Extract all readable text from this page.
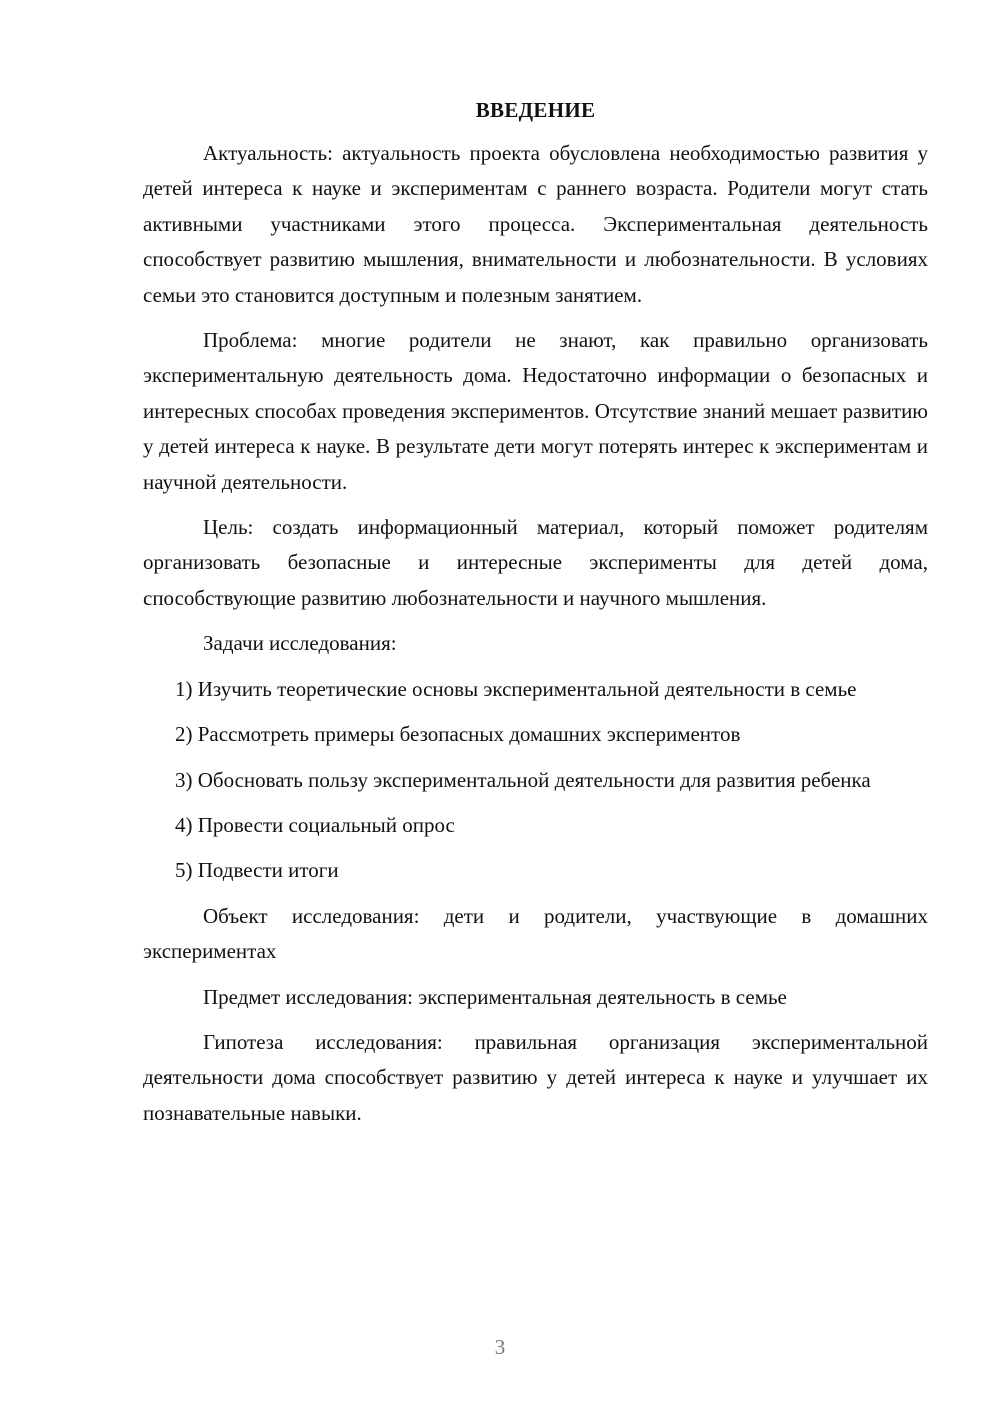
ВВЕДЕНИЕ

Актуальность: актуальность проекта обусловлена необходимостью развития у детей интереса к науке и экспериментам с раннего возраста. Родители могут стать активными участниками этого процесса. Экспериментальная деятельность способствует развитию мышления, внимательности и любознательности. В условиях семьи это становится доступным и полезным занятием.

Проблема: многие родители не знают, как правильно организовать экспериментальную деятельность дома. Недостаточно информации о безопасных и интересных способах проведения экспериментов. Отсутствие знаний мешает развитию у детей интереса к науке. В результате дети могут потерять интерес к экспериментам и научной деятельности.

Цель: создать информационный материал, который поможет родителям организовать безопасные и интересные эксперименты для детей дома, способствующие развитию любознательности и научного мышления.

Задачи исследования:

1) Изучить теоретические основы экспериментальной деятельности в семье

2) Рассмотреть примеры безопасных домашних экспериментов

3) Обосновать пользу экспериментальной деятельности для развития ребенка

4) Провести социальный опрос

5) Подвести итоги

Объект исследования: дети и родители, участвующие в домашних экспериментах

Предмет исследования: экспериментальная деятельность в семье

Гипотеза исследования: правильная организация экспериментальной деятельности дома способствует развитию у детей интереса к науке и улучшает их познавательные навыки.

3
